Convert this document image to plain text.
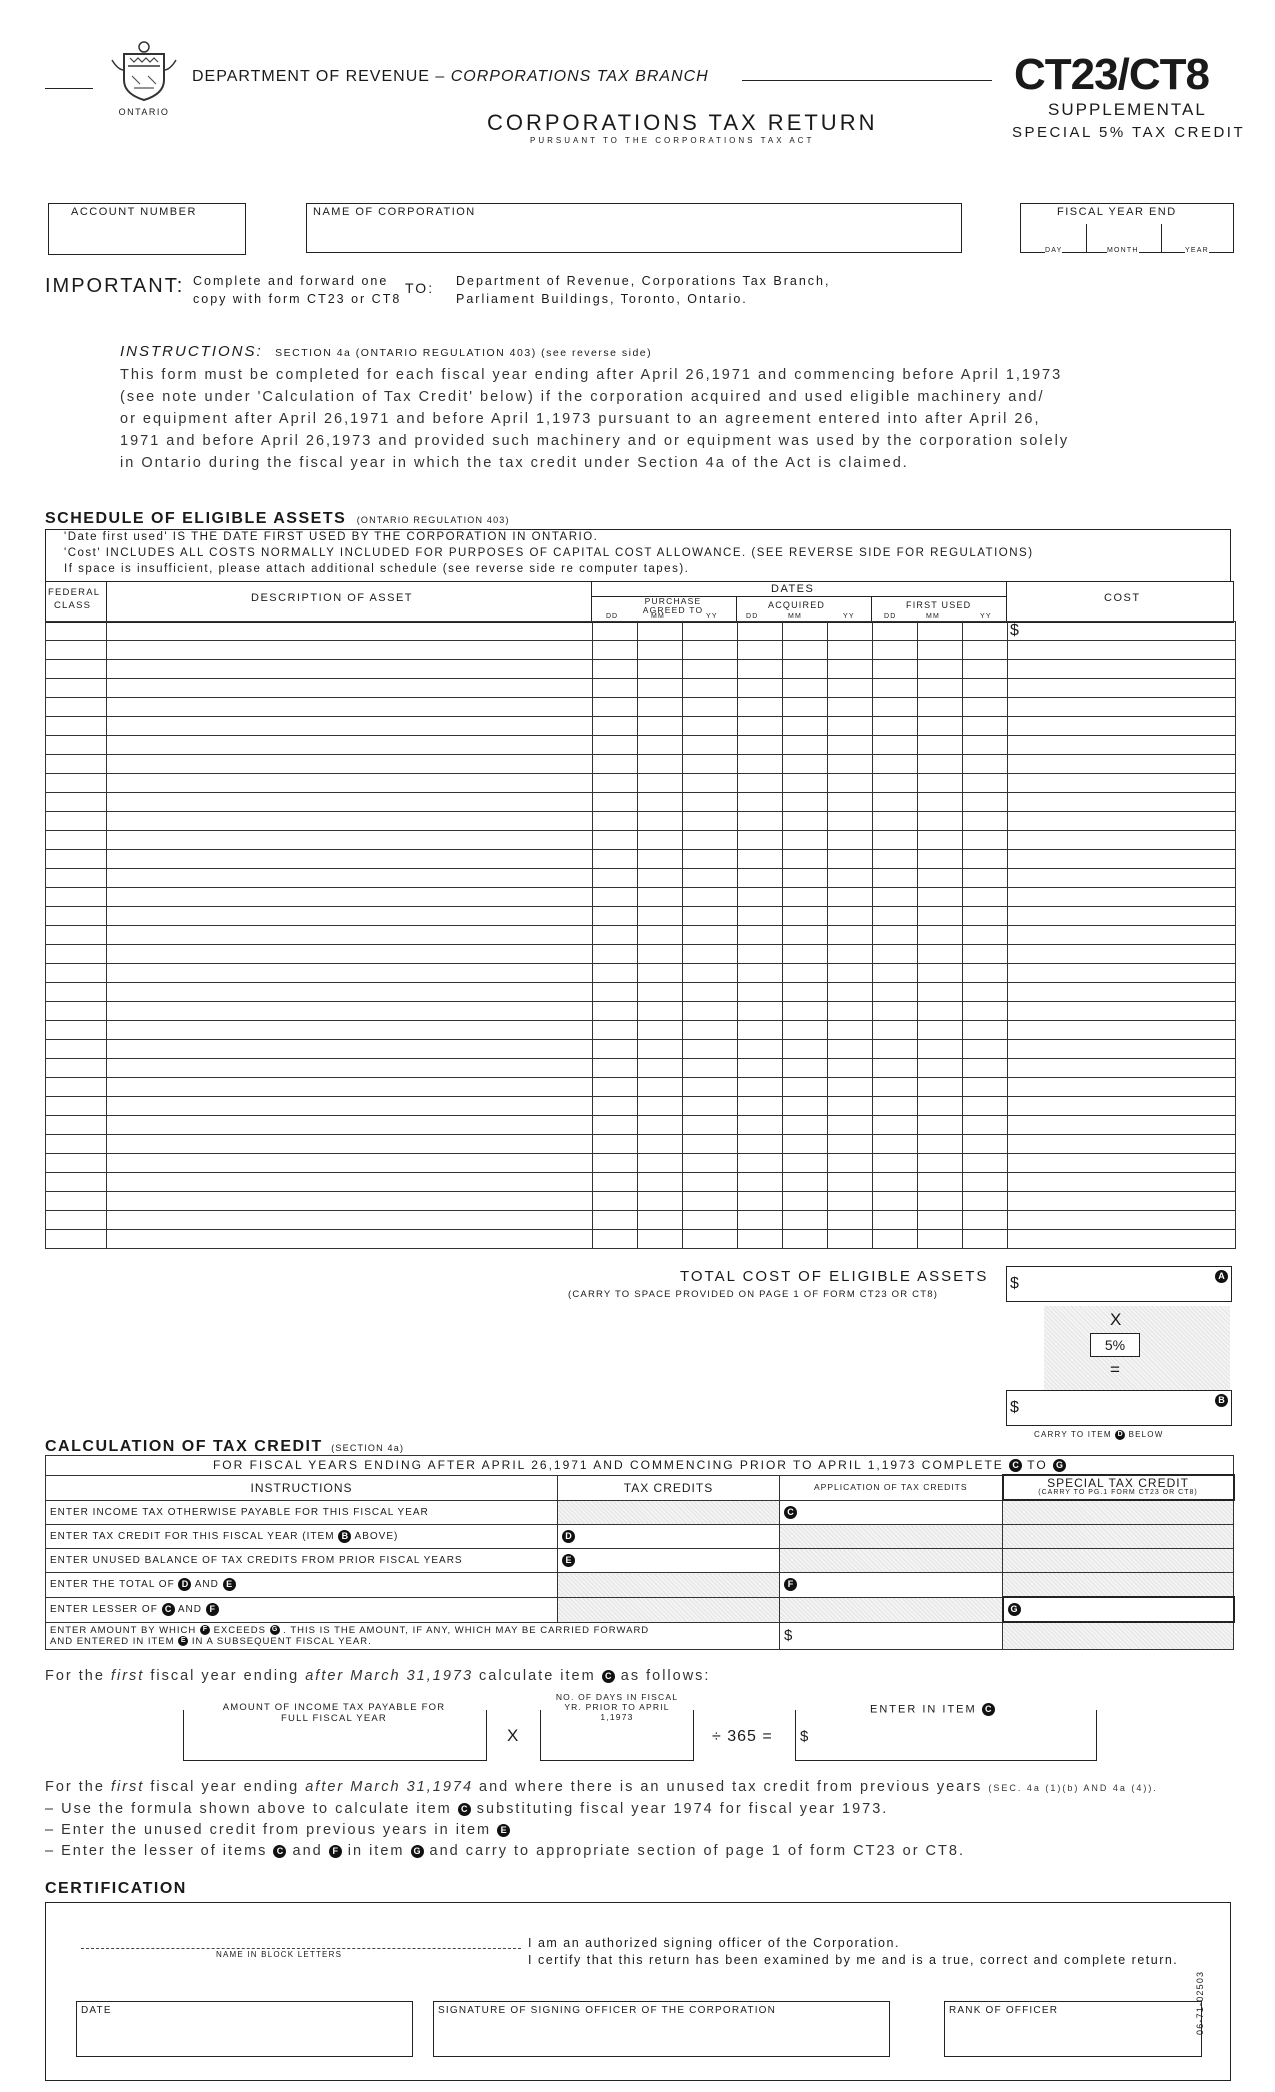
ONTARIO
DEPARTMENT OF REVENUE – CORPORATIONS TAX BRANCH	CT23/CT8
SUPPLEMENTAL
SPECIAL 5% TAX CREDIT
CORPORATIONS TAX RETURN
PURSUANT TO THE CORPORATIONS TAX ACT
ACCOUNT NUMBER	NAME OF CORPORATION	FISCAL YEAR END
DAY	MONTH	YEAR
IMPORTANT: Complete and forward one
copy with form CT23 or CT8
TO: Department of Revenue, Corporations Tax Branch,
Parliament Buildings, Toronto, Ontario.
INSTRUCTIONS: SECTION 4a (ONTARIO REGULATION 403) (see reverse side)
This form must be completed for each fiscal year ending after April 26,1971 and commencing before April 1,1973
(see note under 'Calculation of Tax Credit' below) if the corporation acquired and used eligible machinery and/
or equipment after April 26,1971 and before April 1,1973 pursuant to an agreement entered into after April 26,
1971 and before April 26,1973 and provided such machinery and or equipment was used by the corporation solely
in Ontario during the fiscal year in which the tax credit under Section 4a of the Act is claimed.
SCHEDULE OF ELIGIBLE ASSETS (ONTARIO REGULATION 403)
'Date first used' IS THE DATE FIRST USED BY THE CORPORATION IN ONTARIO.
'Cost' INCLUDES ALL COSTS NORMALLY INCLUDED FOR PURPOSES OF CAPITAL COST ALLOWANCE. (SEE REVERSE SIDE FOR REGULATIONS)
If space is insufficient, please attach additional schedule (see reverse side re computer tapes).
FEDERAL
CLASS
DESCRIPTION OF ASSET
DATES
PURCHASE AGREED TO	ACQUIRED	FIRST USED
COST
DD	MM	YY	DD	MM	YY	DD	MM	YY
											$

TOTAL COST OF ELIGIBLE ASSETS
(CARRY TO SPACE PROVIDED ON PAGE 1 OF FORM CT23 OR CT8)
$	A
X
5%
=
$	B
CARRY TO ITEM D BELOW
CALCULATION OF TAX CREDIT (SECTION 4a)
FOR FISCAL YEARS ENDING AFTER APRIL 26,1971 AND COMMENCING PRIOR TO APRIL 1,1973 COMPLETE C TO G			
INSTRUCTIONS	TAX CREDITS	APPLICATION OF TAX CREDITS	SPECIAL TAX CREDIT
(CARRY TO PG.1 FORM CT23 OR CT8)

ENTER INCOME TAX OTHERWISE PAYABLE FOR THIS FISCAL YEAR		C	
ENTER TAX CREDIT FOR THIS FISCAL YEAR (ITEM B ABOVE)	D		
ENTER UNUSED BALANCE OF TAX CREDITS FROM PRIOR FISCAL YEARS	E		
ENTER THE TOTAL OF D AND E		F	
ENTER LESSER OF C AND F			G
ENTER AMOUNT BY WHICH F EXCEEDS G . THIS IS THE AMOUNT, IF ANY, WHICH MAY BE CARRIED FORWARD
AND ENTERED IN ITEM E IN A SUBSEQUENT FISCAL YEAR.		$	
For the first fiscal year ending after March 31,1973 calculate item C as follows:
AMOUNT OF INCOME TAX PAYABLE FOR FULL FISCAL YEAR
X
NO. OF DAYS IN FISCAL YR. PRIOR TO APRIL 1,1973
÷ 365 = $
ENTER IN ITEM C
For the first fiscal year ending after March 31,1974 and where there is an unused tax credit from previous years (SEC. 4a (1)(b) AND 4a (4)).
– Use the formula shown above to calculate item C substituting fiscal year 1974 for fiscal year 1973.
– Enter the unused credit from previous years in item E
– Enter the lesser of items C and F in item G and carry to appropriate section of page 1 of form CT23 or CT8.
CERTIFICATION
NAME IN BLOCK LETTERS
I am an authorized signing officer of the Corporation.
I certify that this return has been examined by me and is a true, correct and complete return.
DATE	SIGNATURE OF SIGNING OFFICER OF THE CORPORATION	RANK OF OFFICER	06-71-02503
